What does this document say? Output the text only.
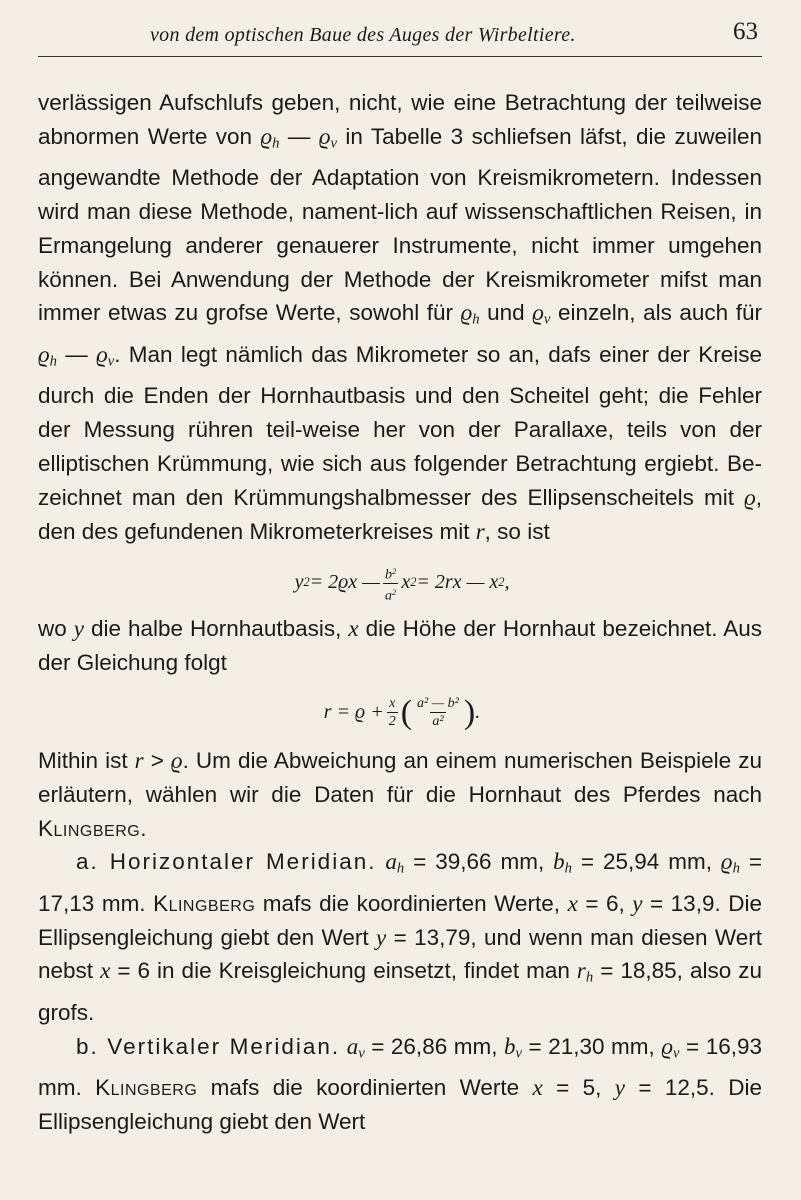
von dem optischen Baue des Auges der Wirbeltiere.	63

verlässigen Aufschlufs geben, nicht, wie eine Betrachtung der teilweise abnormen Werte von $ϱ_h$ — $ϱ_v$ in Tabelle 3 schliefsen läfst, die zuweilen angewandte Methode der Adaptation von Kreismikrometern. Indessen wird man diese Methode, nament-lich auf wissenschaftlichen Reisen, in Ermangelung anderer genauerer Instrumente, nicht immer umgehen können. Bei Anwendung der Methode der Kreismikrometer mifst man immer etwas zu grofse Werte, sowohl für $ϱ_h$ und $ϱ_v$ einzeln, als auch für $ϱ_h$ — $ϱ_v$. Man legt nämlich das Mikrometer so an, dafs einer der Kreise durch die Enden der Hornhautbasis und den Scheitel geht; die Fehler der Messung rühren teil-weise her von der Parallaxe, teils von der elliptischen Krümmung, wie sich aus folgender Betrachtung ergiebt. Be-zeichnet man den Krümmungshalbmesser des Ellipsenscheitels mit ϱ, den des gefundenen Mikrometerkreises mit r, so ist

y 2 = 2ϱx — $\frac{b^2}{a^2}$ x 2 = 2rx — x 2 ,

wo y die halbe Hornhautbasis, x die Höhe der Hornhaut bezeichnet. Aus der Gleichung folgt

$r = ϱ + \frac{x}{2}$ ( $\frac{\text{a² — b²}}{\text{a²}}$ ) .

Mithin ist r > ϱ. Um die Abweichung an einem numerischen Beispiele zu erläutern, wählen wir die Daten für die Hornhaut des Pferdes nach Klingberg.

a. Horizontaler Meridian. $a_h = 39,66$ mm, $b_h = 25,94$ mm, $ϱ_h = 17,13$ mm. Klingberg mafs die koordinierten Werte, x = 6, y = 13,9. Die Ellipsengleichung giebt den Wert y = 13,79, und wenn man diesen Wert nebst x = 6 in die Kreisgleichung einsetzt, findet man $r_h = 18,85$, also zu grofs.

b. Vertikaler Meridian. $a_v = 26,86$ mm, $b_v = 21,30$ mm, $ϱ_v = 16,93$ mm. Klingberg mafs die koordinierten Werte x = 5, y = 12,5. Die Ellipsengleichung giebt den Wert
